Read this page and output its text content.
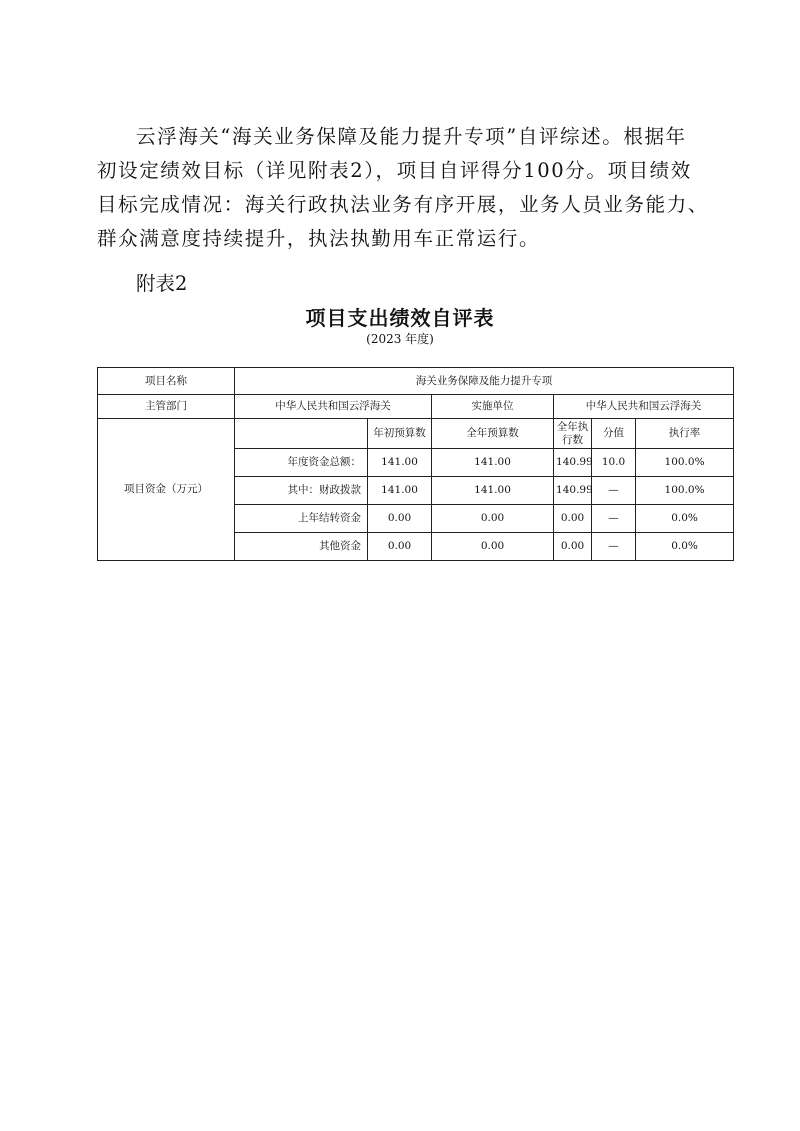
云浮海关“海关业务保障及能力提升专项”自评综述。根据年

初设定绩效目标（详见附表2），项目自评得分100分。项目绩效

目标完成情况：海关行政执法业务有序开展，业务人员业务能力、

群众满意度持续提升，执法执勤用车正常运行。

附表2
项目支出绩效自评表
(2023 年度)
项目名称	海关业务保障及能力提升专项					
主管部门	中华人民共和国云浮海关		实施单位	中华人民共和国云浮海关		
项目资金（万元）		年初预算数	全年预算数	全年执行数	分值	执行率
	年度资金总额：	141.00	141.00	140.99	10.0	100.0%
	其中：财政拨款	141.00	141.00	140.99	—	100.0%
	上年结转资金	0.00	0.00	0.00	—	0.0%
	其他资金	0.00	0.00	0.00	—	0.0%
